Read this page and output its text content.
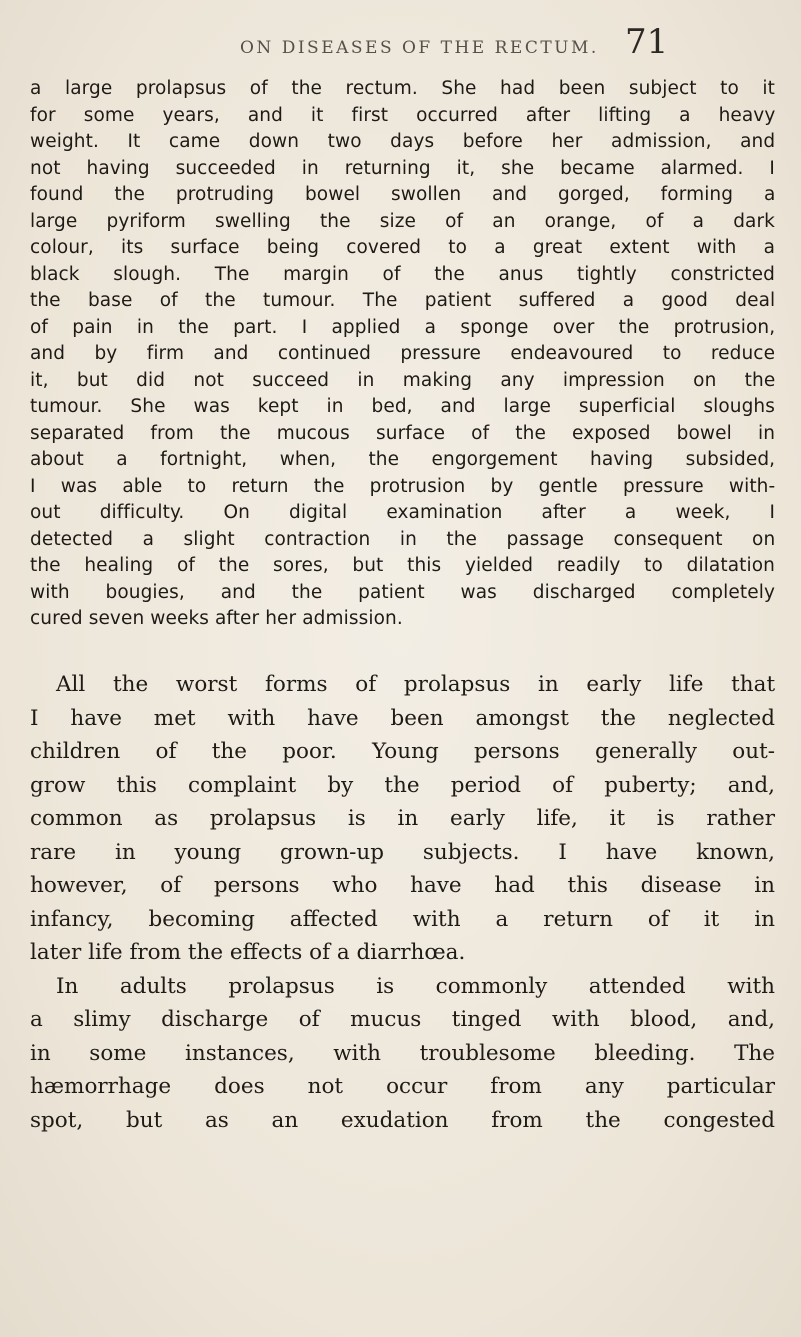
ON DISEASES OF THE RECTUM. 71
a large prolapsus of the rectum. She had been subject to it
for some years, and it first occurred after lifting a heavy
weight. It came down two days before her admission, and
not having succeeded in returning it, she became alarmed. I
found the protruding bowel swollen and gorged, forming a
large pyriform swelling the size of an orange, of a dark
colour, its surface being covered to a great extent with a
black slough. The margin of the anus tightly constricted
the base of the tumour. The patient suffered a good deal
of pain in the part. I applied a sponge over the protrusion,
and by firm and continued pressure endeavoured to reduce
it, but did not succeed in making any impression on the
tumour. She was kept in bed, and large superficial sloughs
separated from the mucous surface of the exposed bowel in
about a fortnight, when, the engorgement having subsided,
I was able to return the protrusion by gentle pressure with-
out difficulty. On digital examination after a week, I
detected a slight contraction in the passage consequent on
the healing of the sores, but this yielded readily to dilatation
with bougies, and the patient was discharged completely
cured seven weeks after her admission.
All the worst forms of prolapsus in early life that
I have met with have been amongst the neglected
children of the poor. Young persons generally out-
grow this complaint by the period of puberty; and,
common as prolapsus is in early life, it is rather
rare in young grown-up subjects. I have known,
however, of persons who have had this disease in
infancy, becoming affected with a return of it in
later life from the effects of a diarrhœa.
In adults prolapsus is commonly attended with
a slimy discharge of mucus tinged with blood, and,
in some instances, with troublesome bleeding. The
hæmorrhage does not occur from any particular
spot, but as an exudation from the congested
